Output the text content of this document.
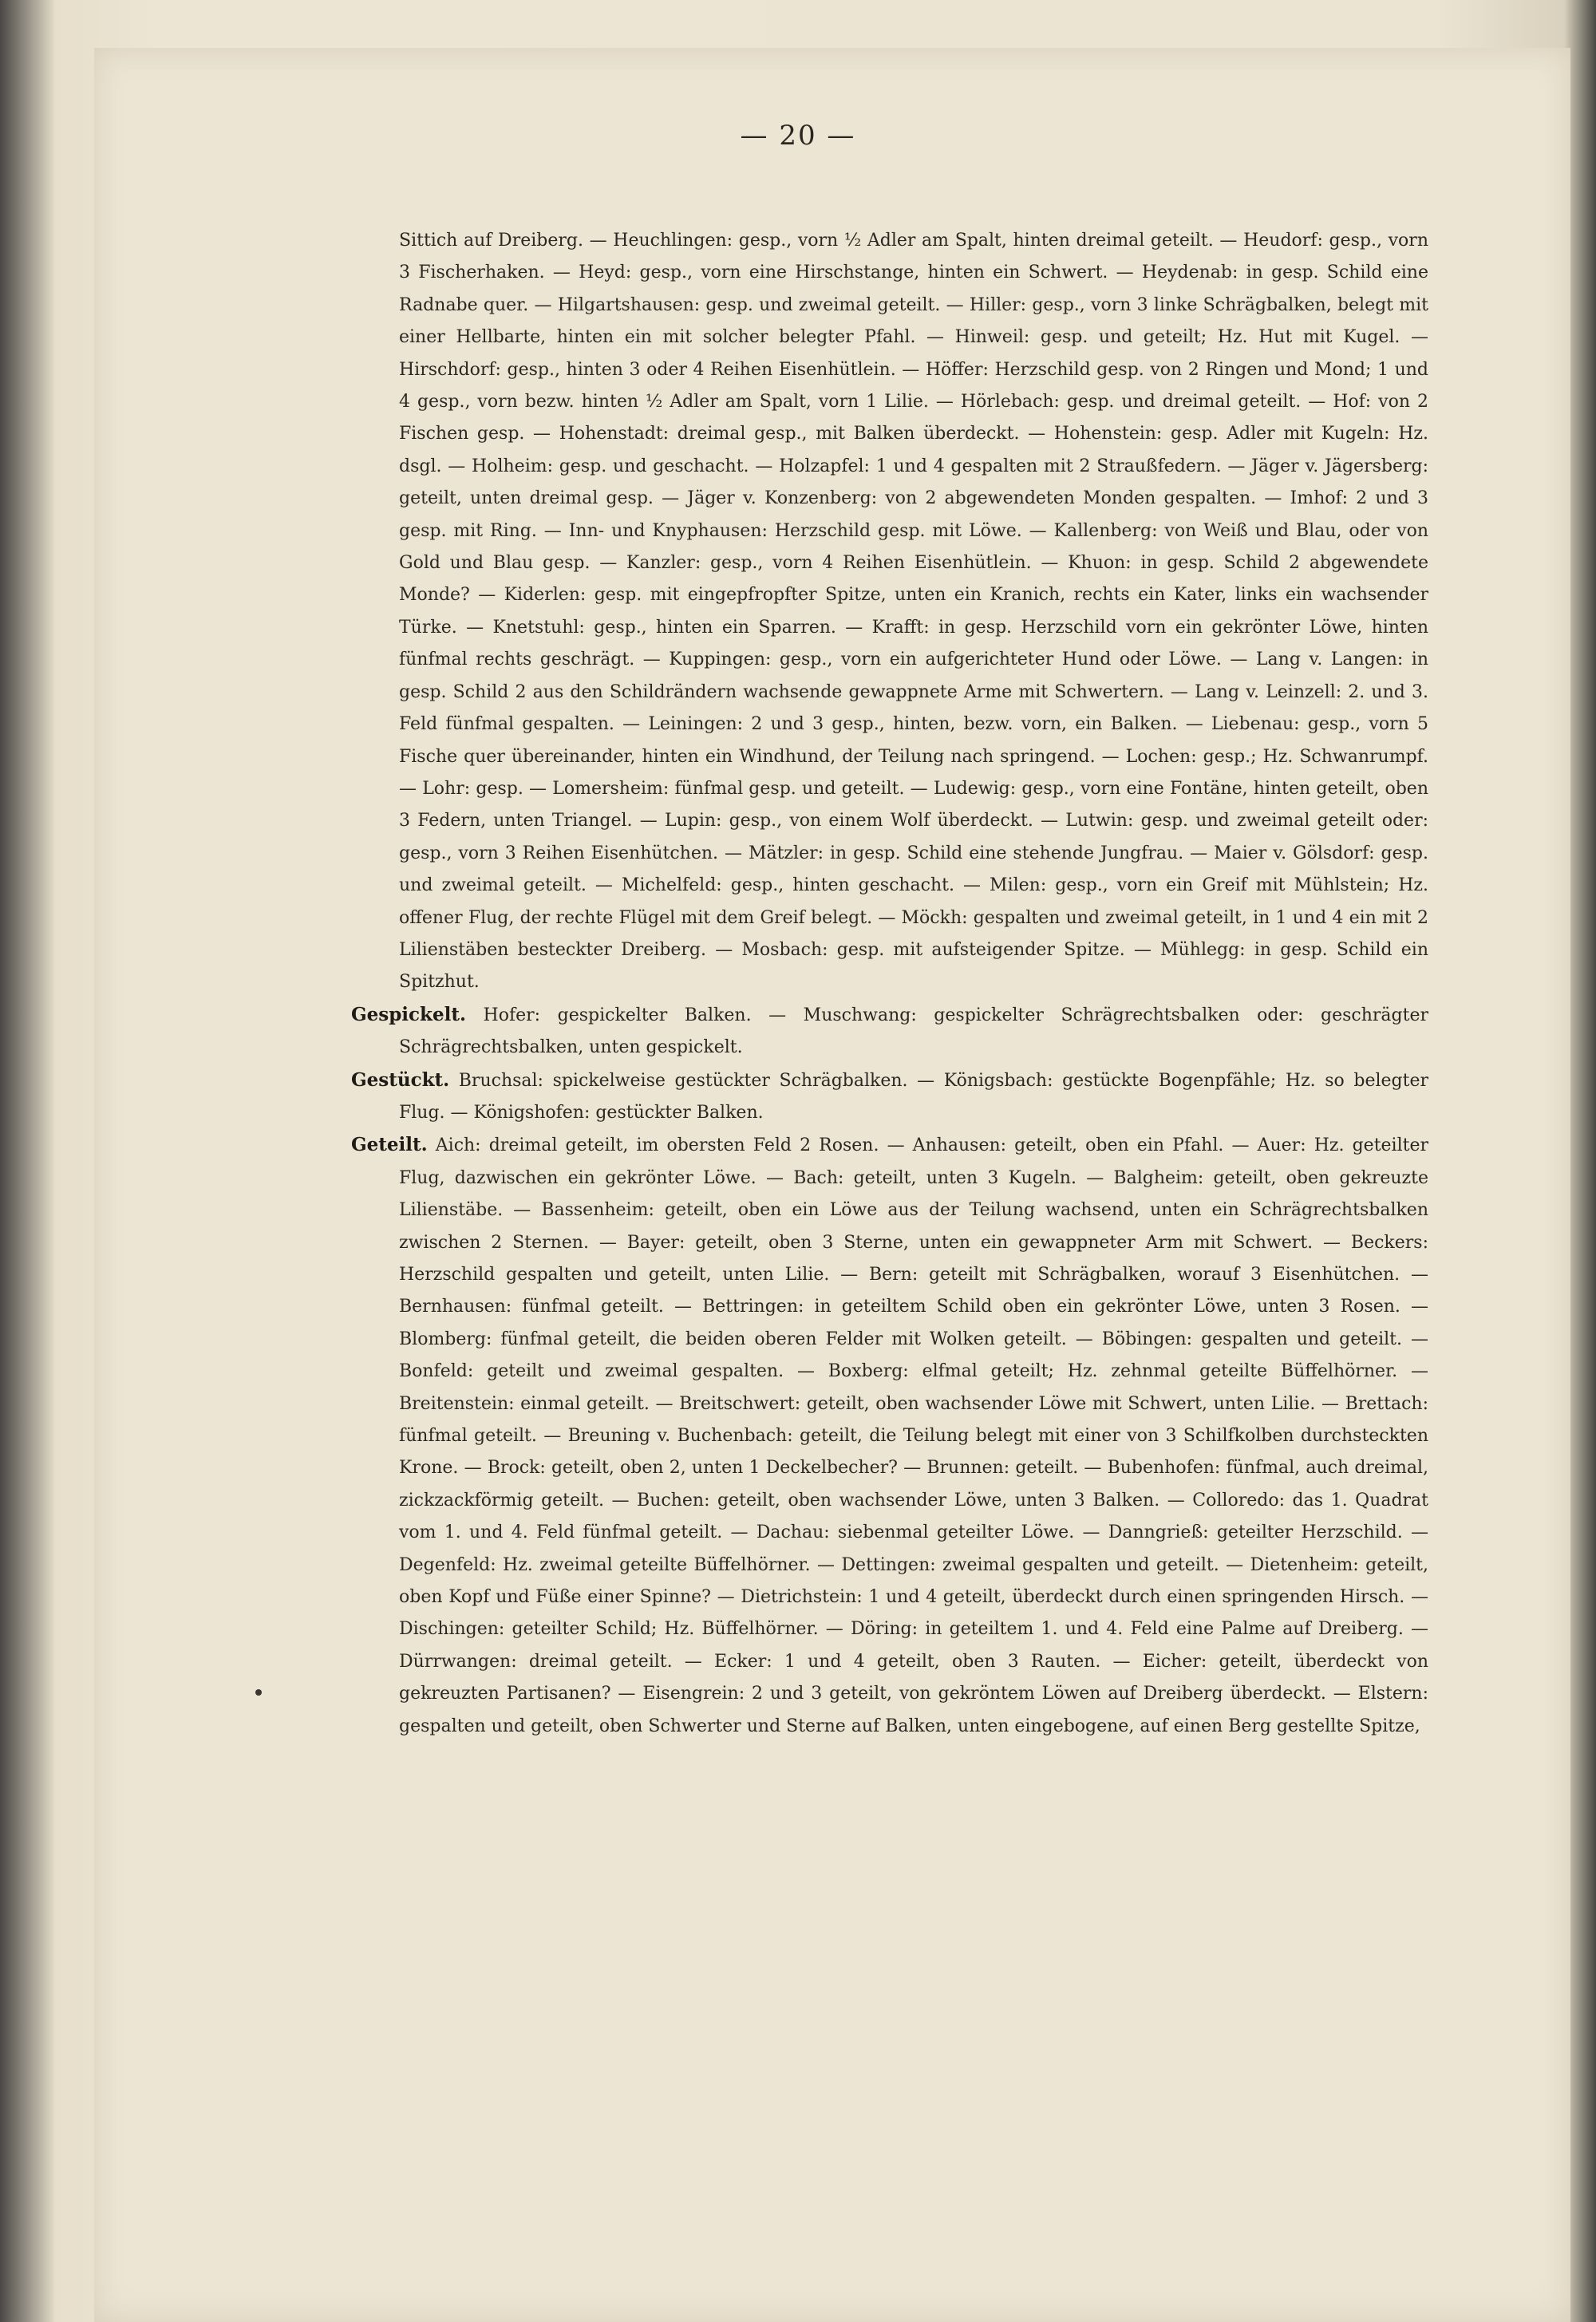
— 20 —

Sittich auf Dreiberg. — Heuchlingen: gesp., vorn ½ Adler am Spalt, hinten dreimal geteilt. — Heudorf: gesp., vorn 3 Fischerhaken. — Heyd: gesp., vorn eine Hirschstange, hinten ein Schwert. — Heydenab: in gesp. Schild eine Radnabe quer. — Hilgartshausen: gesp. und zweimal geteilt. — Hiller: gesp., vorn 3 linke Schrägbalken, belegt mit einer Hellbarte, hinten ein mit solcher belegter Pfahl. — Hinweil: gesp. und geteilt; Hz. Hut mit Kugel. — Hirschdorf: gesp., hinten 3 oder 4 Reihen Eisenhütlein. — Höffer: Herzschild gesp. von 2 Ringen und Mond; 1 und 4 gesp., vorn bezw. hinten ½ Adler am Spalt, vorn 1 Lilie. — Hörlebach: gesp. und dreimal geteilt. — Hof: von 2 Fischen gesp. — Hohenstadt: dreimal gesp., mit Balken überdeckt. — Hohenstein: gesp. Adler mit Kugeln: Hz. dsgl. — Holheim: gesp. und geschacht. — Holzapfel: 1 und 4 gespalten mit 2 Straußfedern. — Jäger v. Jägersberg: geteilt, unten dreimal gesp. — Jäger v. Konzenberg: von 2 abgewendeten Monden gespalten. — Imhof: 2 und 3 gesp. mit Ring. — Inn- und Knyphausen: Herzschild gesp. mit Löwe. — Kallenberg: von Weiß und Blau, oder von Gold und Blau gesp. — Kanzler: gesp., vorn 4 Reihen Eisenhütlein. — Khuon: in gesp. Schild 2 abgewendete Monde? — Kiderlen: gesp. mit eingepfropfter Spitze, unten ein Kranich, rechts ein Kater, links ein wachsender Türke. — Knetstuhl: gesp., hinten ein Sparren. — Krafft: in gesp. Herzschild vorn ein gekrönter Löwe, hinten fünfmal rechts geschrägt. — Kuppingen: gesp., vorn ein aufgerichteter Hund oder Löwe. — Lang v. Langen: in gesp. Schild 2 aus den Schildrändern wachsende gewappnete Arme mit Schwertern. — Lang v. Leinzell: 2. und 3. Feld fünfmal gespalten. — Leiningen: 2 und 3 gesp., hinten, bezw. vorn, ein Balken. — Liebenau: gesp., vorn 5 Fische quer übereinander, hinten ein Windhund, der Teilung nach springend. — Lochen: gesp.; Hz. Schwanrumpf. — Lohr: gesp. — Lomersheim: fünfmal gesp. und geteilt. — Ludewig: gesp., vorn eine Fontäne, hinten geteilt, oben 3 Federn, unten Triangel. — Lupin: gesp., von einem Wolf überdeckt. — Lutwin: gesp. und zweimal geteilt oder: gesp., vorn 3 Reihen Eisenhütchen. — Mätzler: in gesp. Schild eine stehende Jungfrau. — Maier v. Gölsdorf: gesp. und zweimal geteilt. — Michelfeld: gesp., hinten geschacht. — Milen: gesp., vorn ein Greif mit Mühlstein; Hz. offener Flug, der rechte Flügel mit dem Greif belegt. — Möckh: gespalten und zweimal geteilt, in 1 und 4 ein mit 2 Lilienstäben besteckter Dreiberg. — Mosbach: gesp. mit aufsteigender Spitze. — Mühlegg: in gesp. Schild ein Spitzhut.

Gespickelt. Hofer: gespickelter Balken. — Muschwang: gespickelter Schrägrechtsbalken oder: geschrägter Schrägrechtsbalken, unten gespickelt.

Gestückt. Bruchsal: spickelweise gestückter Schrägbalken. — Königsbach: gestückte Bogenpfähle; Hz. so belegter Flug. — Königshofen: gestückter Balken.

Geteilt. Aich: dreimal geteilt, im obersten Feld 2 Rosen. — Anhausen: geteilt, oben ein Pfahl. — Auer: Hz. geteilter Flug, dazwischen ein gekrönter Löwe. — Bach: geteilt, unten 3 Kugeln. — Balgheim: geteilt, oben gekreuzte Lilienstäbe. — Bassenheim: geteilt, oben ein Löwe aus der Teilung wachsend, unten ein Schrägrechtsbalken zwischen 2 Sternen. — Bayer: geteilt, oben 3 Sterne, unten ein gewappneter Arm mit Schwert. — Beckers: Herzschild gespalten und geteilt, unten Lilie. — Bern: geteilt mit Schrägbalken, worauf 3 Eisenhütchen. — Bernhausen: fünfmal geteilt. — Bettringen: in geteiltem Schild oben ein gekrönter Löwe, unten 3 Rosen. — Blomberg: fünfmal geteilt, die beiden oberen Felder mit Wolken geteilt. — Böbingen: gespalten und geteilt. — Bonfeld: geteilt und zweimal gespalten. — Boxberg: elfmal geteilt; Hz. zehnmal geteilte Büffelhörner. — Breitenstein: einmal geteilt. — Breitschwert: geteilt, oben wachsender Löwe mit Schwert, unten Lilie. — Brettach: fünfmal geteilt. — Breuning v. Buchenbach: geteilt, die Teilung belegt mit einer von 3 Schilfkolben durchsteckten Krone. — Brock: geteilt, oben 2, unten 1 Deckelbecher? — Brunnen: geteilt. — Bubenhofen: fünfmal, auch dreimal, zickzackförmig geteilt. — Buchen: geteilt, oben wachsender Löwe, unten 3 Balken. — Colloredo: das 1. Quadrat vom 1. und 4. Feld fünfmal geteilt. — Dachau: siebenmal geteilter Löwe. — Danngrieß: geteilter Herzschild. — Degenfeld: Hz. zweimal geteilte Büffelhörner. — Dettingen: zweimal gespalten und geteilt. — Dietenheim: geteilt, oben Kopf und Füße einer Spinne? — Dietrichstein: 1 und 4 geteilt, überdeckt durch einen springenden Hirsch. — Dischingen: geteilter Schild; Hz. Büffelhörner. — Döring: in geteiltem 1. und 4. Feld eine Palme auf Dreiberg. — Dürrwangen: dreimal geteilt. — Ecker: 1 und 4 geteilt, oben 3 Rauten. — Eicher: geteilt, überdeckt von gekreuzten Partisanen? — Eisengrein: 2 und 3 geteilt, von gekröntem Löwen auf Dreiberg überdeckt. — Elstern: gespalten und geteilt, oben Schwerter und Sterne auf Balken, unten eingebogene, auf einen Berg gestellte Spitze,
